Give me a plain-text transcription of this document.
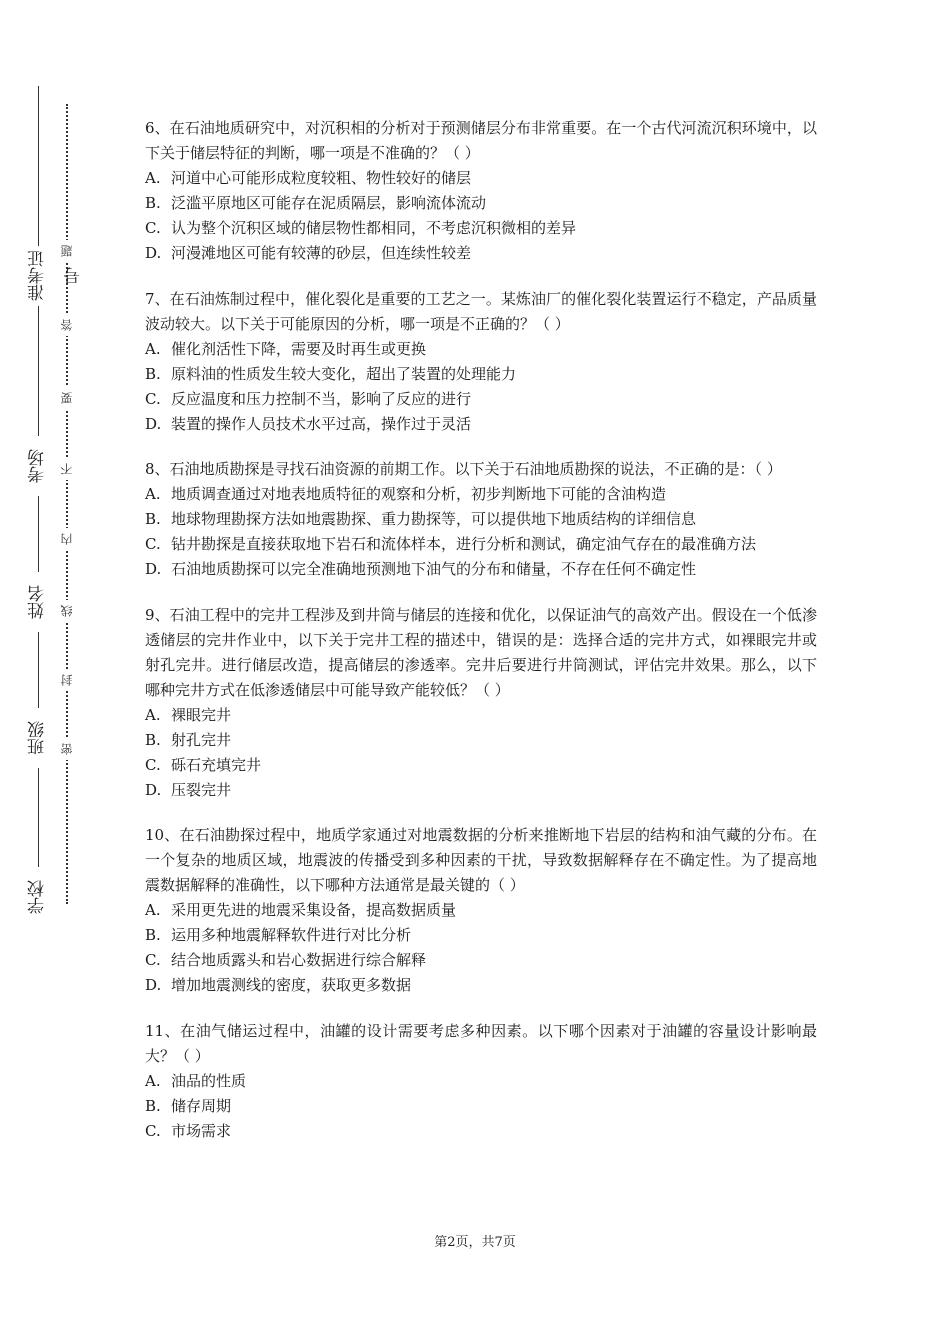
学校
班级
姓名
考场
准考证号
密
封
线
内
不
要
答
题

6、在石油地质研究中，对沉积相的分析对于预测储层分布非常重要。在一个古代河流沉积环境中，以下关于储层特征的判断，哪一项是不准确的？（ ）

A. 河道中心可能形成粒度较粗、物性较好的储层
B. 泛滥平原地区可能存在泥质隔层，影响流体流动
C. 认为整个沉积区域的储层物性都相同，不考虑沉积微相的差异
D. 河漫滩地区可能有较薄的砂层，但连续性较差

7、在石油炼制过程中，催化裂化是重要的工艺之一。某炼油厂的催化裂化装置运行不稳定，产品质量波动较大。以下关于可能原因的分析，哪一项是不正确的？（ ）

A. 催化剂活性下降，需要及时再生或更换
B. 原料油的性质发生较大变化，超出了装置的处理能力
C. 反应温度和压力控制不当，影响了反应的进行
D. 装置的操作人员技术水平过高，操作过于灵活

8、石油地质勘探是寻找石油资源的前期工作。以下关于石油地质勘探的说法，不正确的是：（ ）

A. 地质调查通过对地表地质特征的观察和分析，初步判断地下可能的含油构造
B. 地球物理勘探方法如地震勘探、重力勘探等，可以提供地下地质结构的详细信息
C. 钻井勘探是直接获取地下岩石和流体样本，进行分析和测试，确定油气存在的最准确方法
D. 石油地质勘探可以完全准确地预测地下油气的分布和储量，不存在任何不确定性

9、石油工程中的完井工程涉及到井筒与储层的连接和优化，以保证油气的高效产出。假设在一个低渗透储层的完井作业中，以下关于完井工程的描述中，错误的是：选择合适的完井方式，如裸眼完井或射孔完井。进行储层改造，提高储层的渗透率。完井后要进行井筒测试，评估完井效果。那么，以下哪种完井方式在低渗透储层中可能导致产能较低？（ ）

A. 裸眼完井
B. 射孔完井
C. 砾石充填完井
D. 压裂完井

10、在石油勘探过程中，地质学家通过对地震数据的分析来推断地下岩层的结构和油气藏的分布。在一个复杂的地质区域，地震波的传播受到多种因素的干扰，导致数据解释存在不确定性。为了提高地震数据解释的准确性，以下哪种方法通常是最关键的（ ）

A. 采用更先进的地震采集设备，提高数据质量
B. 运用多种地震解释软件进行对比分析
C. 结合地质露头和岩心数据进行综合解释
D. 增加地震测线的密度，获取更多数据

11、在油气储运过程中，油罐的设计需要考虑多种因素。以下哪个因素对于油罐的容量设计影响最大？（ ）

A. 油品的性质
B. 储存周期
C. 市场需求
第2页，共7页
